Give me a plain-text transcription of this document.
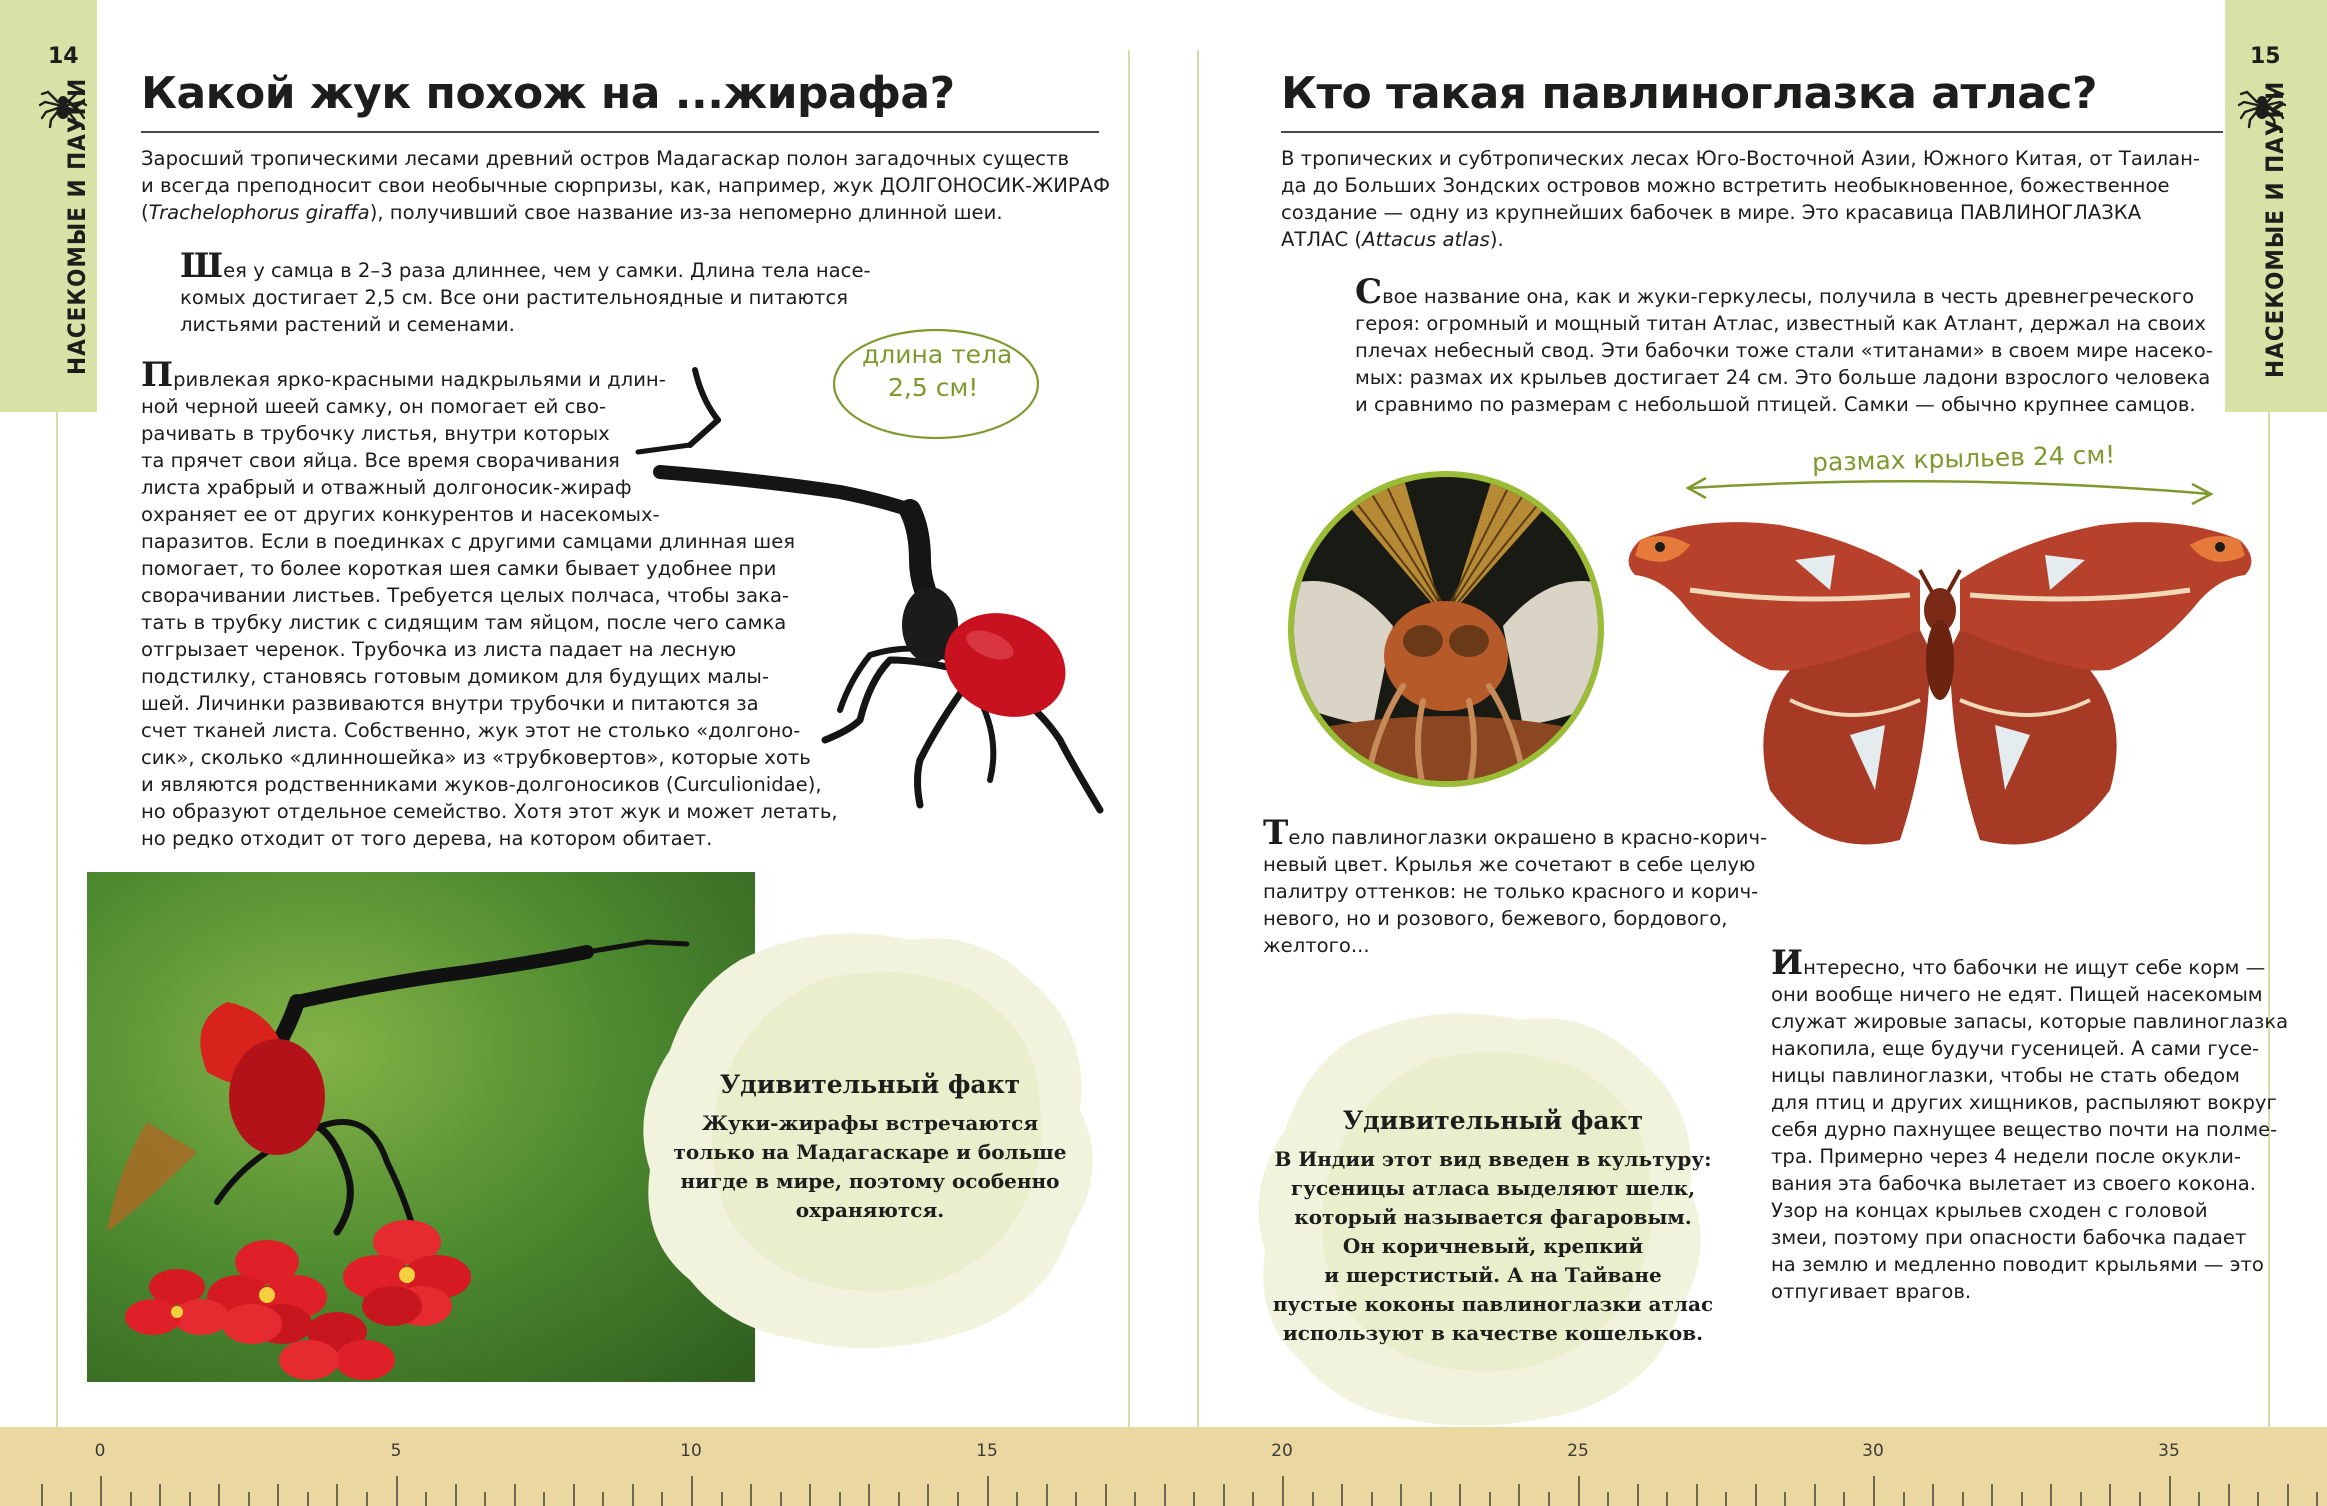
14
НАСЕКОМЫЕ И ПАУКИ
15
НАСЕКОМЫЕ И ПАУКИ
Какой жук похож на ...жирафа?
Заросший тропическими лесами древний остров Мадагаскар полон загадочных существ
и всегда преподносит свои необычные сюрпризы, как, например, жук ДОЛГОНОСИК-ЖИРАФ
(Trachelophorus giraffa), получивший свое название из-за непомерно длинной шеи.
Шея у самца в 2–3 раза длиннее, чем у самки. Длина тела насе-
комых достигает 2,5 см. Все они растительноядные и питаются
листьями растений и семенами.
длина тела
2,5 см!
Привлекая ярко-красными надкрыльями и длин-
ной черной шеей самку, он помогает ей сво-
рачивать в трубочку листья, внутри которых
та прячет свои яйца. Все время сворачивания
листа храбрый и отважный долгоносик-жираф
охраняет ее от других конкурентов и насекомых-
паразитов. Если в поединках с другими самцами длинная шея
помогает, то более короткая шея самки бывает удобнее при
сворачивании листьев. Требуется целых полчаса, чтобы зака-
тать в трубку листик с сидящим там яйцом, после чего самка
отгрызает черенок. Трубочка из листа падает на лесную
подстилку, становясь готовым домиком для будущих малы-
шей. Личинки развиваются внутри трубочки и питаются за
счет тканей листа. Собственно, жук этот не столько «долгоно-
сик», сколько «длинношейка» из «трубковертов», которые хоть
и являются родственниками жуков-долгоносиков (Curculionidae),
но образуют отдельное семейство. Хотя этот жук и может летать,
но редко отходит от того дерева, на котором обитает.
Удивительный факт
Жуки-жирафы встречаются
только на Мадагаскаре и больше
нигде в мире, поэтому особенно
охраняются.
Кто такая павлиноглазка атлас?
В тропических и субтропических лесах Юго-Восточной Азии, Южного Китая, от Таилан-
да до Больших Зондских островов можно встретить необыкновенное, божественное
создание — одну из крупнейших бабочек в мире. Это красавица ПАВЛИНОГЛАЗКА
АТЛАС (Attacus atlas).
Свое название она, как и жуки-геркулесы, получила в честь древнегреческого
героя: огромный и мощный титан Атлас, известный как Атлант, держал на своих
плечах небесный свод. Эти бабочки тоже стали «титанами» в своем мире насеко-
мых: размах их крыльев достигает 24 см. Это больше ладони взрослого человека
и сравнимо по размерам с небольшой птицей. Самки — обычно крупнее самцов.
размах крыльев 24 см!
Тело павлиноглазки окрашено в красно-корич-
невый цвет. Крылья же сочетают в себе целую
палитру оттенков: не только красного и корич-
невого, но и розового, бежевого, бордового,
желтого...
Удивительный факт
В Индии этот вид введен в культуру:
гусеницы атласа выделяют шелк,
который называется фагаровым.
Он коричневый, крепкий
и шерстистый. А на Тайване
пустые коконы павлиноглазки атлас
используют в качестве кошельков.
Интересно, что бабочки не ищут себе корм —
они вообще ничего не едят. Пищей насекомым
служат жировые запасы, которые павлиноглазка
накопила, еще будучи гусеницей. А сами гусе-
ницы павлиноглазки, чтобы не стать обедом
для птиц и других хищников, распыляют вокруг
себя дурно пахнущее вещество почти на полме-
тра. Примерно через 4 недели после окукли-
вания эта бабочка вылетает из своего кокона.
Узор на концах крыльев сходен с головой
змеи, поэтому при опасности бабочка падает
на землю и медленно поводит крыльями — это
отпугивает врагов.
0	5	10	15	20	25	30	35
